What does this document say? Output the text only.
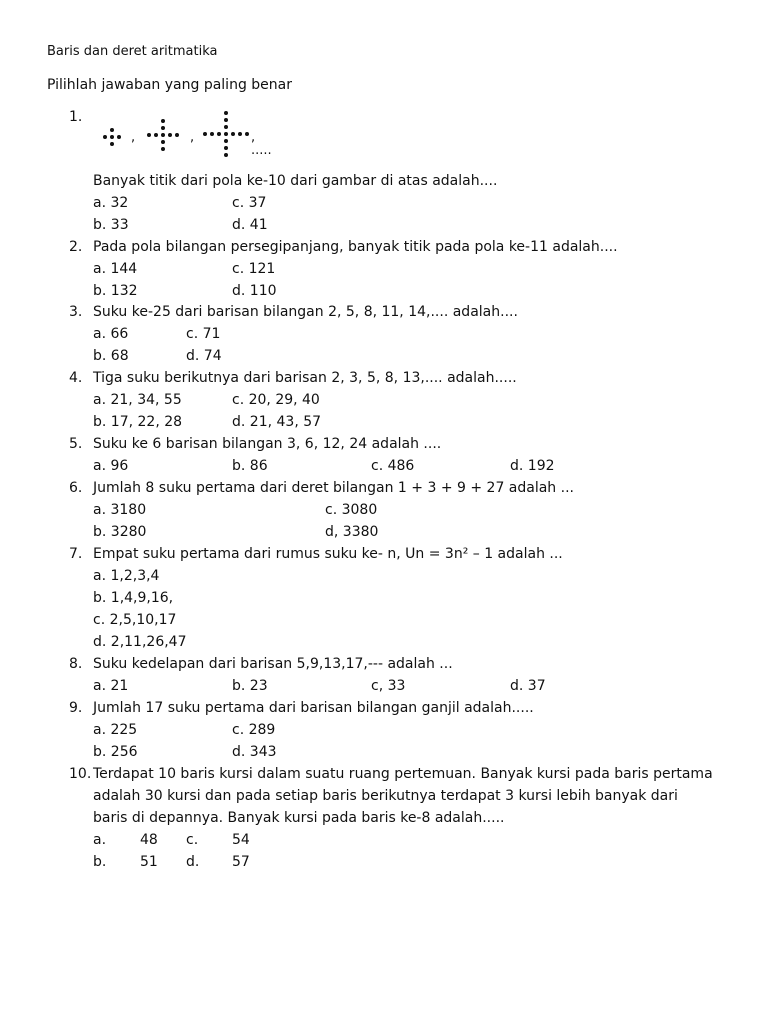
Baris dan deret aritmatika
Pilihlah jawaban yang paling benar
1.
,	,	, .....
Banyak titik dari pola ke-10 dari gambar di atas adalah....
a. 32	c. 37
b. 33	d. 41
2. Pada pola bilangan persegipanjang, banyak titik pada pola ke-11 adalah....
a. 144	c. 121
b. 132	d. 110
3. Suku ke-25 dari barisan bilangan 2, 5, 8, 11, 14,.... adalah....
a. 66	c. 71
b. 68	d. 74
4. Tiga suku berikutnya dari barisan 2, 3, 5, 8, 13,.... adalah.....
a. 21, 34, 55	c. 20, 29, 40
b. 17, 22, 28	d. 21, 43, 57
5. Suku ke 6 barisan bilangan 3, 6, 12, 24 adalah ....
a. 96	b. 86	c. 486	d. 192
6. Jumlah 8 suku pertama dari deret bilangan 1 + 3 + 9 + 27 adalah ...
a. 3180	c. 3080
b. 3280	d, 3380
7. Empat suku pertama dari rumus suku ke- n, Un = 3n² – 1 adalah ...
a. 1,2,3,4
b. 1,4,9,16,
c. 2,5,10,17
d. 2,11,26,47
8. Suku kedelapan dari barisan 5,9,13,17,--- adalah ...
a. 21	b. 23	c, 33	d. 37
9. Jumlah 17 suku pertama dari barisan bilangan ganjil adalah.....
a. 225	c. 289
b. 256	d. 343
10. Terdapat 10 baris kursi dalam suatu ruang pertemuan. Banyak kursi pada baris pertama
adalah 30 kursi dan pada setiap baris berikutnya terdapat 3 kursi lebih banyak dari
baris di depannya. Banyak kursi pada baris ke-8 adalah.....
a. 48 c. 54
b. 51 d. 57
